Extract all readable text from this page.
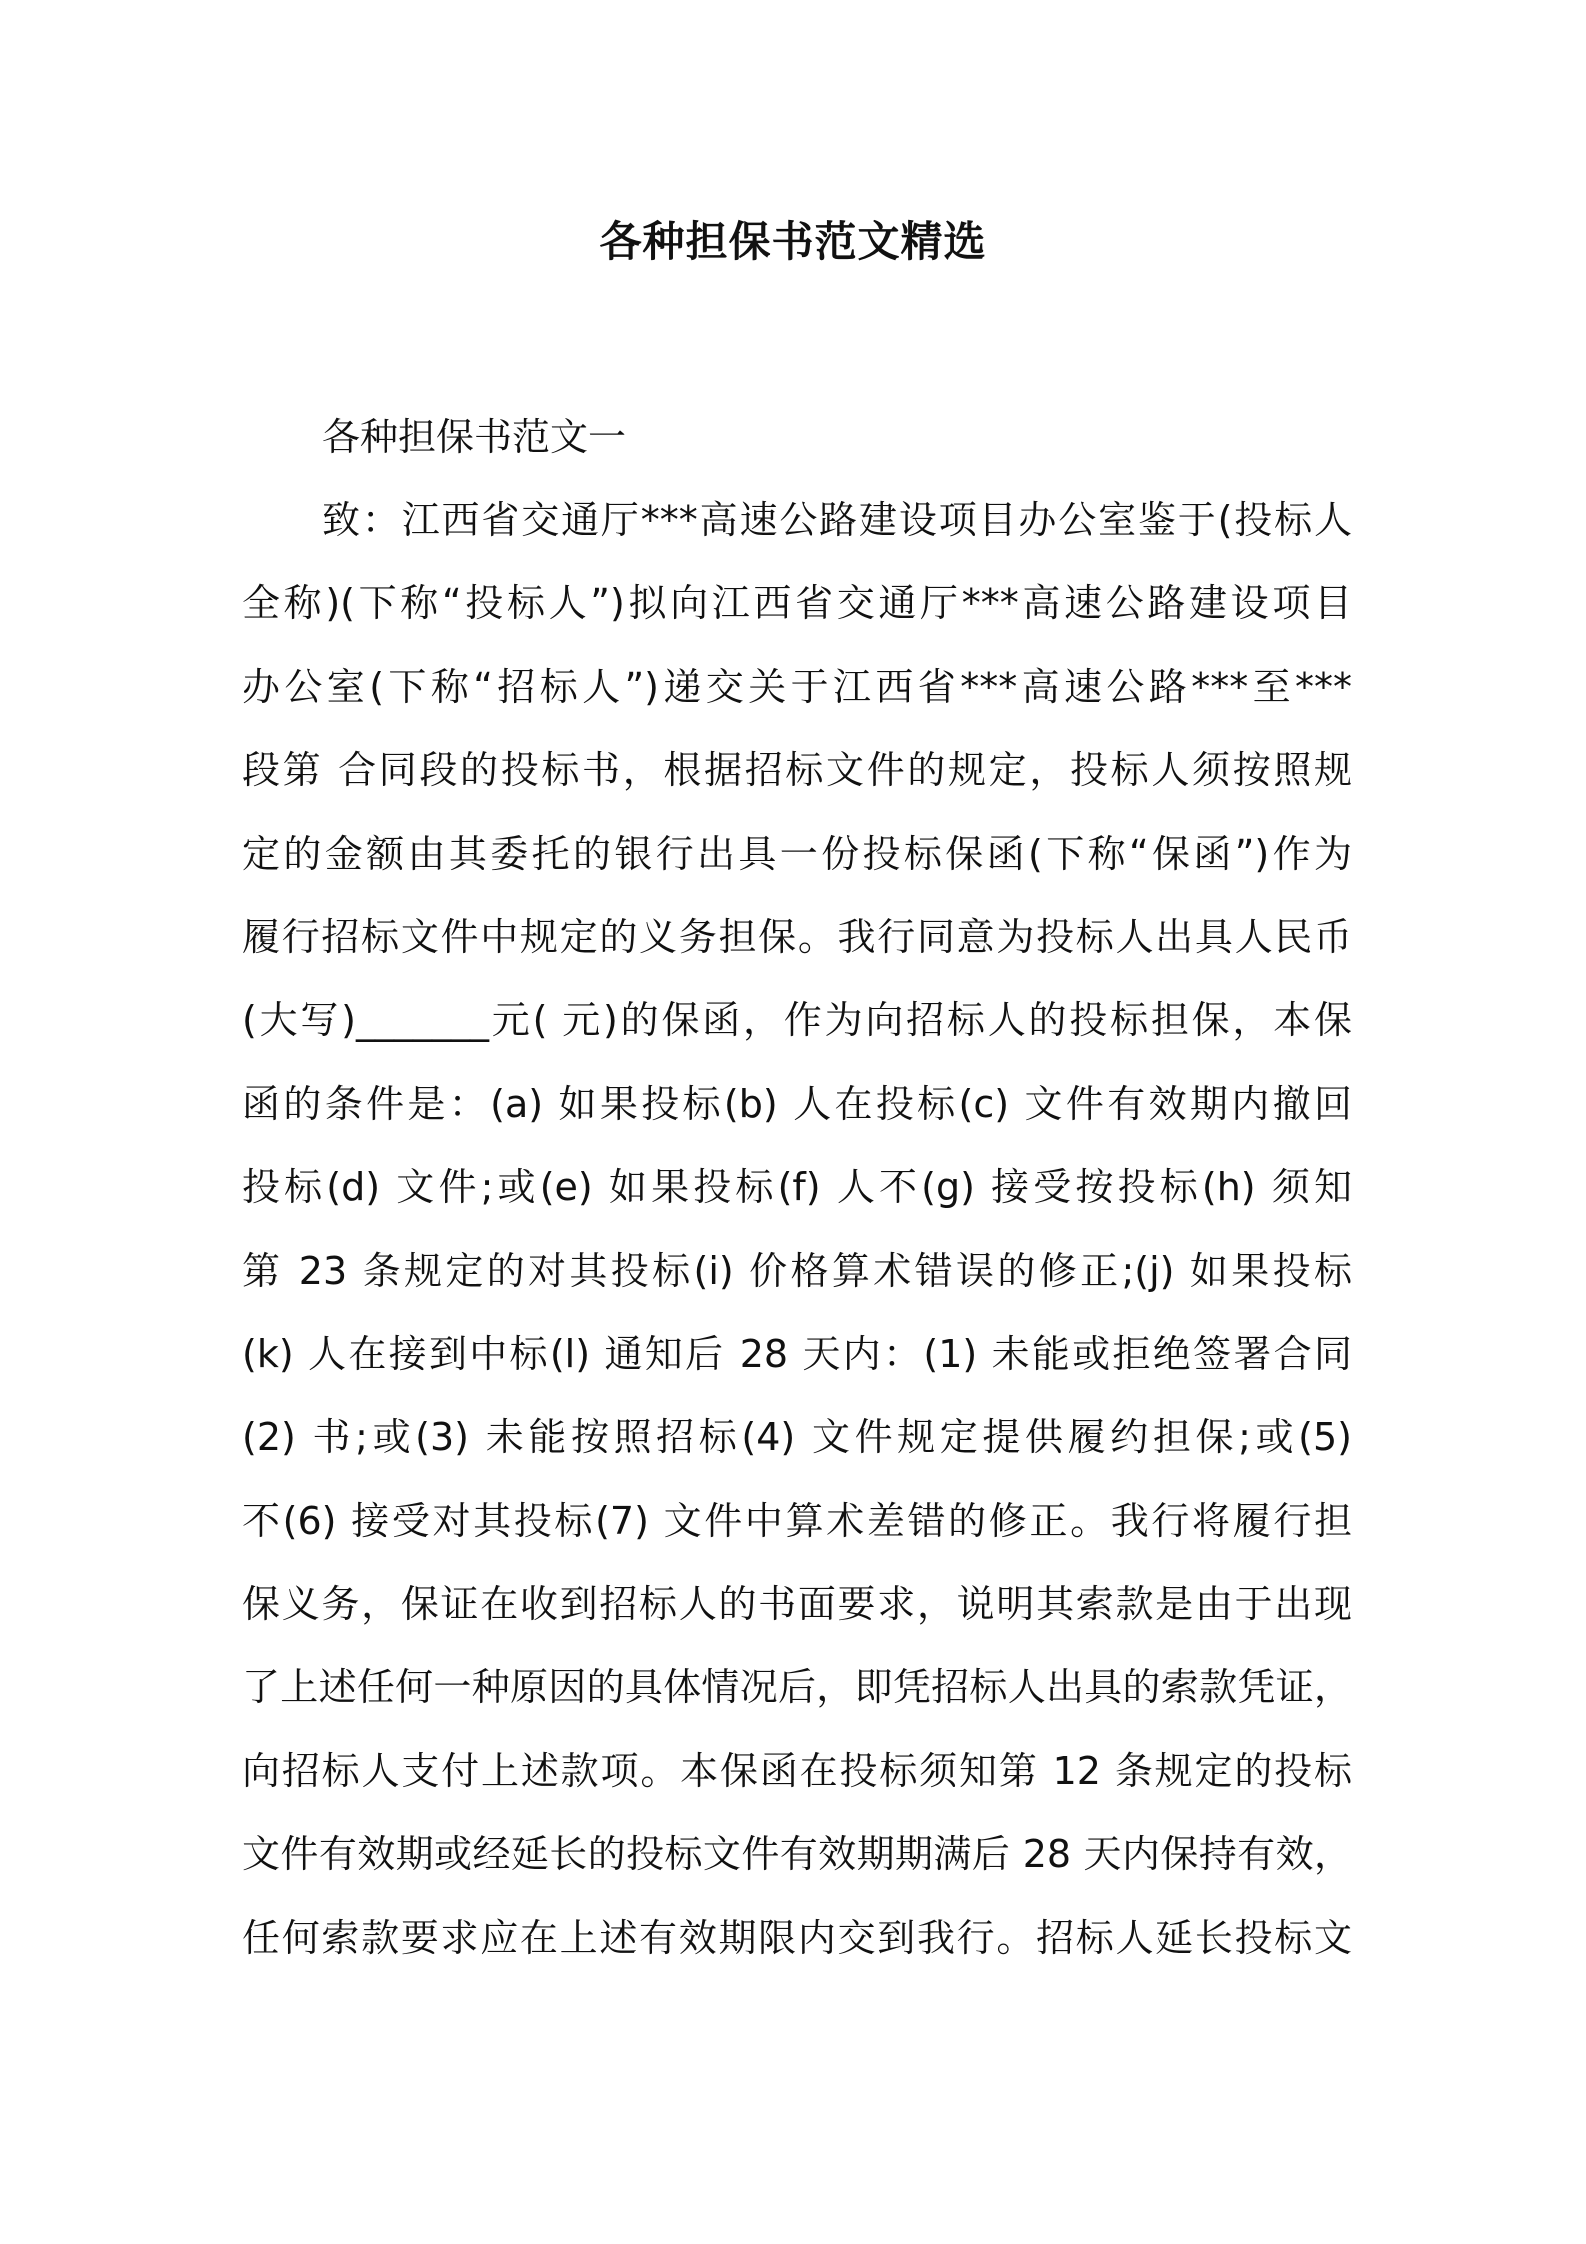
各种担保书范文精选
各种担保书范文一
致：江西省交通厅***高速公路建设项目办公室鉴于(投标人
全称)(下称“投标人”)拟向江西省交通厅***高速公路建设项目
办公室(下称“招标人”)递交关于江西省***高速公路***至***
段第 合同段的投标书，根据招标文件的规定，投标人须按照规
定的金额由其委托的银行出具一份投标保函(下称“保函”)作为
履行招标文件中规定的义务担保。我行同意为投标人出具人民币
(大写)_______元( 元)的保函，作为向招标人的投标担保，本保
函的条件是：(a) 如果投标(b) 人在投标(c) 文件有效期内撤回
投标(d) 文件;或(e) 如果投标(f) 人不(g) 接受按投标(h) 须知
第 23 条规定的对其投标(i) 价格算术错误的修正;(j) 如果投标
(k) 人在接到中标(l) 通知后 28 天内：(1) 未能或拒绝签署合同
(2) 书;或(3) 未能按照招标(4) 文件规定提供履约担保;或(5)
不(6) 接受对其投标(7) 文件中算术差错的修正。我行将履行担
保义务，保证在收到招标人的书面要求，说明其索款是由于出现
了上述任何一种原因的具体情况后，即凭招标人出具的索款凭证，
向招标人支付上述款项。本保函在投标须知第 12 条规定的投标
文件有效期或经延长的投标文件有效期期满后 28 天内保持有效，
任何索款要求应在上述有效期限内交到我行。招标人延长投标文
